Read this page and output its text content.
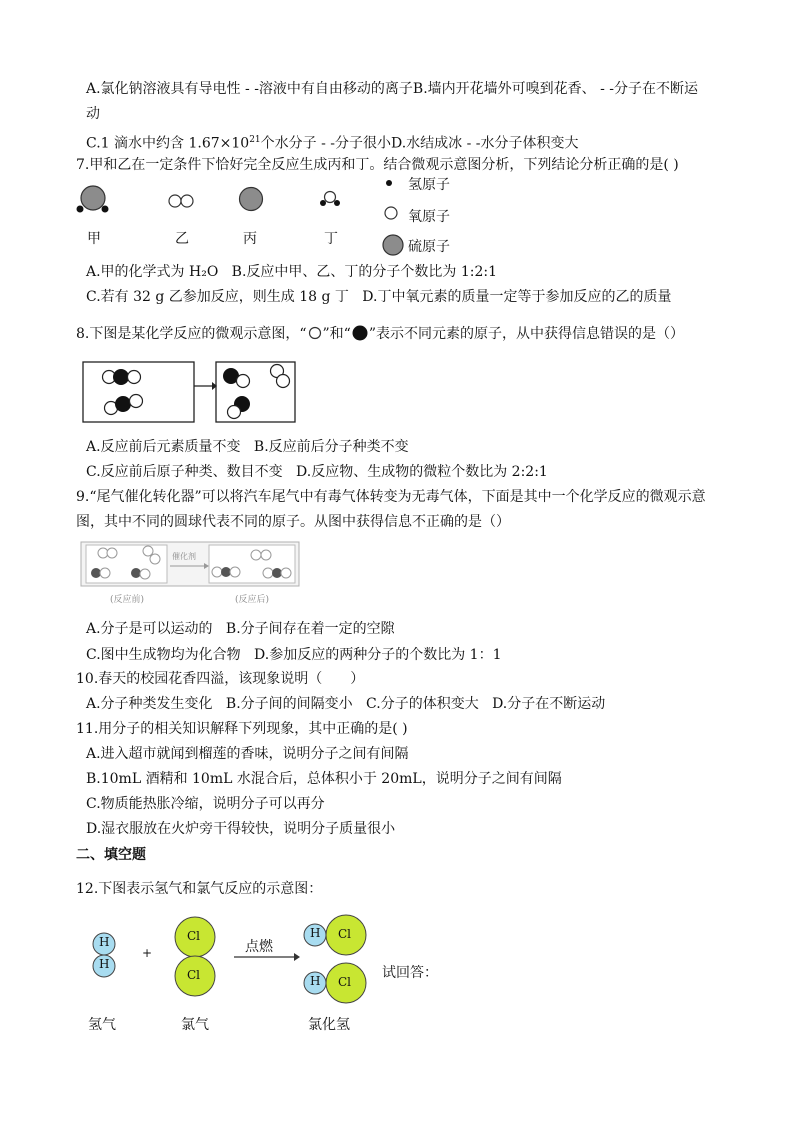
A.氯化钠溶液具有导电性 - -溶液中有自由移动的离子B.墙内开花墙外可嗅到花香、 - -分子在不断运
动
C.1 滴水中约含 $1.67\times 10^{21}$个水分子 - -分子很小D.水结成冰 - -水分子体积变大
7.甲和乙在一定条件下恰好完全反应生成丙和丁。结合微观示意图分析，下列结论分析正确的是( )
氢原子
氧原子
硫原子
甲	乙	丙	丁
A.甲的化学式为 H₂O B.反应中甲、乙、丁的分子个数比为 1:2:1
C.若有 32 g 乙参加反应，则生成 18 g 丁 D.丁中氧元素的质量一定等于参加反应的乙的质量
8.下图是某化学反应的微观示意图，“ ”和“ ”表示不同元素的原子，从中获得信息错误的是（）
A.反应前后元素质量不变 B.反应前后分子种类不变
C.反应前后原子种类、数目不变 D.反应物、生成物的微粒个数比为 2:2:1
9.“尾气催化转化器”可以将汽车尾气中有毒气体转变为无毒气体，下面是其中一个化学反应的微观示意
图，其中不同的圆球代表不同的原子。从图中获得信息不正确的是（）
催化剂
(反应前)	(反应后)
A.分子是可以运动的 B.分子间存在着一定的空隙
C.图中生成物均为化合物 D.参加反应的两种分子的个数比为 1：1
10.春天的校园花香四溢，该现象说明（　　）
A.分子种类发生变化 B.分子间的间隔变小 C.分子的体积变大 D.分子在不断运动
11.用分子的相关知识解释下列现象，其中正确的是( )
A.进入超市就闻到榴莲的香味，说明分子之间有间隔
B.10mL 酒精和 10mL 水混合后，总体积小于 20mL，说明分子之间有间隔
C.物质能热胀冷缩，说明分子可以再分
D.湿衣服放在火炉旁干得较快，说明分子质量很小
二、填空题
12.下图表示氢气和氯气反应的示意图：
H
H
Cl
Cl
+	点燃
H Cl
H Cl
试回答：
氢气	氯气	氯化氢
